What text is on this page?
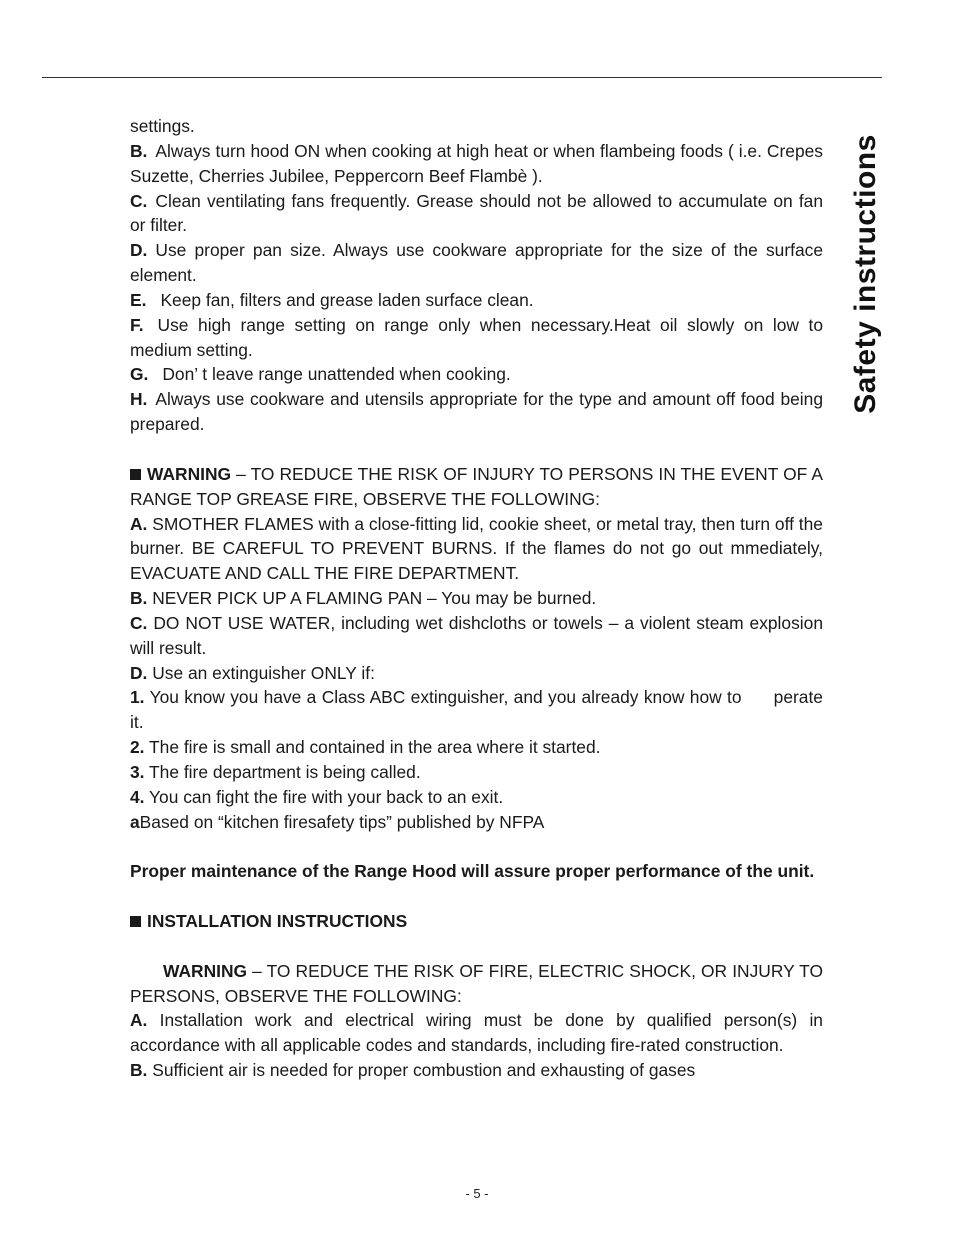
Safety instructions

settings.

B. Always turn hood ON when cooking at high heat or when flambeing foods ( i.e. Crepes Suzette, Cherries Jubilee, Peppercorn Beef Flambè ).

C. Clean ventilating fans frequently. Grease should not be allowed to accumulate on fan or filter.

D. Use proper pan size. Always use cookware appropriate for the size of the surface element.

E. Keep fan, filters and grease laden surface clean.

F. Use high range setting on range only when necessary.Heat oil slowly on low to medium setting.

G. Don’ t leave range unattended when cooking.

H. Always use cookware and utensils appropriate for the type and amount off food being prepared.

WARNING – TO REDUCE THE RISK OF INJURY TO PERSONS IN THE EVENT OF A RANGE TOP GREASE FIRE, OBSERVE THE FOLLOWING:

A. SMOTHER FLAMES with a close-fitting lid, cookie sheet, or metal tray, then turn off the burner. BE CAREFUL TO PREVENT BURNS. If the flames do not go out mmediately, EVACUATE AND CALL THE FIRE DEPARTMENT.

B. NEVER PICK UP A FLAMING PAN – You may be burned.

C. DO NOT USE WATER, including wet dishcloths or towels – a violent steam explosion will result.

D. Use an extinguisher ONLY if:

1. You know you have a Class ABC extinguisher, and you already know how to      perate it.

2. The fire is small and contained in the area where it started.

3. The fire department is being called.

4. You can fight the fire with your back to an exit.

aBased on “kitchen firesafety tips” published by NFPA

Proper maintenance of the Range Hood will assure proper performance of the unit.

INSTALLATION INSTRUCTIONS

WARNING – TO REDUCE THE RISK OF FIRE, ELECTRIC SHOCK, OR INJURY TO PERSONS, OBSERVE THE FOLLOWING:

A. Installation work and electrical wiring must be done by qualified person(s) in accordance with all applicable codes and standards, including fire-rated construction.

B. Sufficient air is needed for proper combustion and exhausting of gases

- 5 -
